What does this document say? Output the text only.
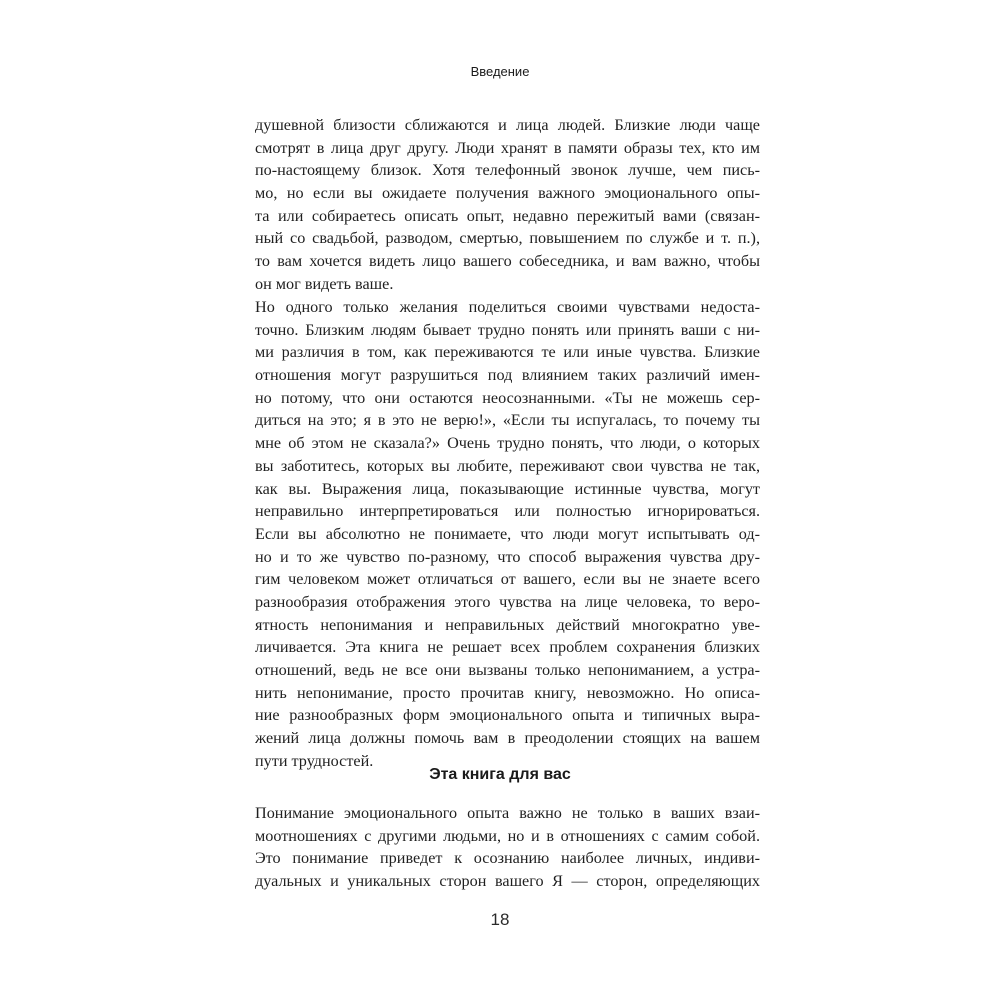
Введение
душевной близости сближаются и лица людей. Близкие люди чаще
смотрят в лица друг другу. Люди хранят в памяти образы тех, кто им
по-настоящему близок. Хотя телефонный звонок лучше, чем пись-
мо, но если вы ожидаете получения важного эмоционального опы-
та или собираетесь описать опыт, недавно пережитый вами (связан-
ный со свадьбой, разводом, смертью, повышением по службе и т. п.),
то вам хочется видеть лицо вашего собеседника, и вам важно, чтобы
он мог видеть ваше.
Но одного только желания поделиться своими чувствами недоста-
точно. Близким людям бывает трудно понять или принять ваши с ни-
ми различия в том, как переживаются те или иные чувства. Близкие
отношения могут разрушиться под влиянием таких различий имен-
но потому, что они остаются неосознанными. «Ты не можешь сер-
диться на это; я в это не верю!», «Если ты испугалась, то почему ты
мне об этом не сказала?» Очень трудно понять, что люди, о которых
вы заботитесь, которых вы любите, переживают свои чувства не так,
как вы. Выражения лица, показывающие истинные чувства, могут
неправильно интерпретироваться или полностью игнорироваться.
Если вы абсолютно не понимаете, что люди могут испытывать од-
но и то же чувство по-разному, что способ выражения чувства дру-
гим человеком может отличаться от вашего, если вы не знаете всего
разнообразия отображения этого чувства на лице человека, то веро-
ятность непонимания и неправильных действий многократно уве-
личивается. Эта книга не решает всех проблем сохранения близких
отношений, ведь не все они вызваны только непониманием, а устра-
нить непонимание, просто прочитав книгу, невозможно. Но описа-
ние разнообразных форм эмоционального опыта и типичных выра-
жений лица должны помочь вам в преодолении стоящих на вашем
пути трудностей.
Эта книга для вас
Понимание эмоционального опыта важно не только в ваших взаи-
моотношениях с другими людьми, но и в отношениях с самим собой.
Это понимание приведет к осознанию наиболее личных, индиви-
дуальных и уникальных сторон вашего Я — сторон, определяющих
18
